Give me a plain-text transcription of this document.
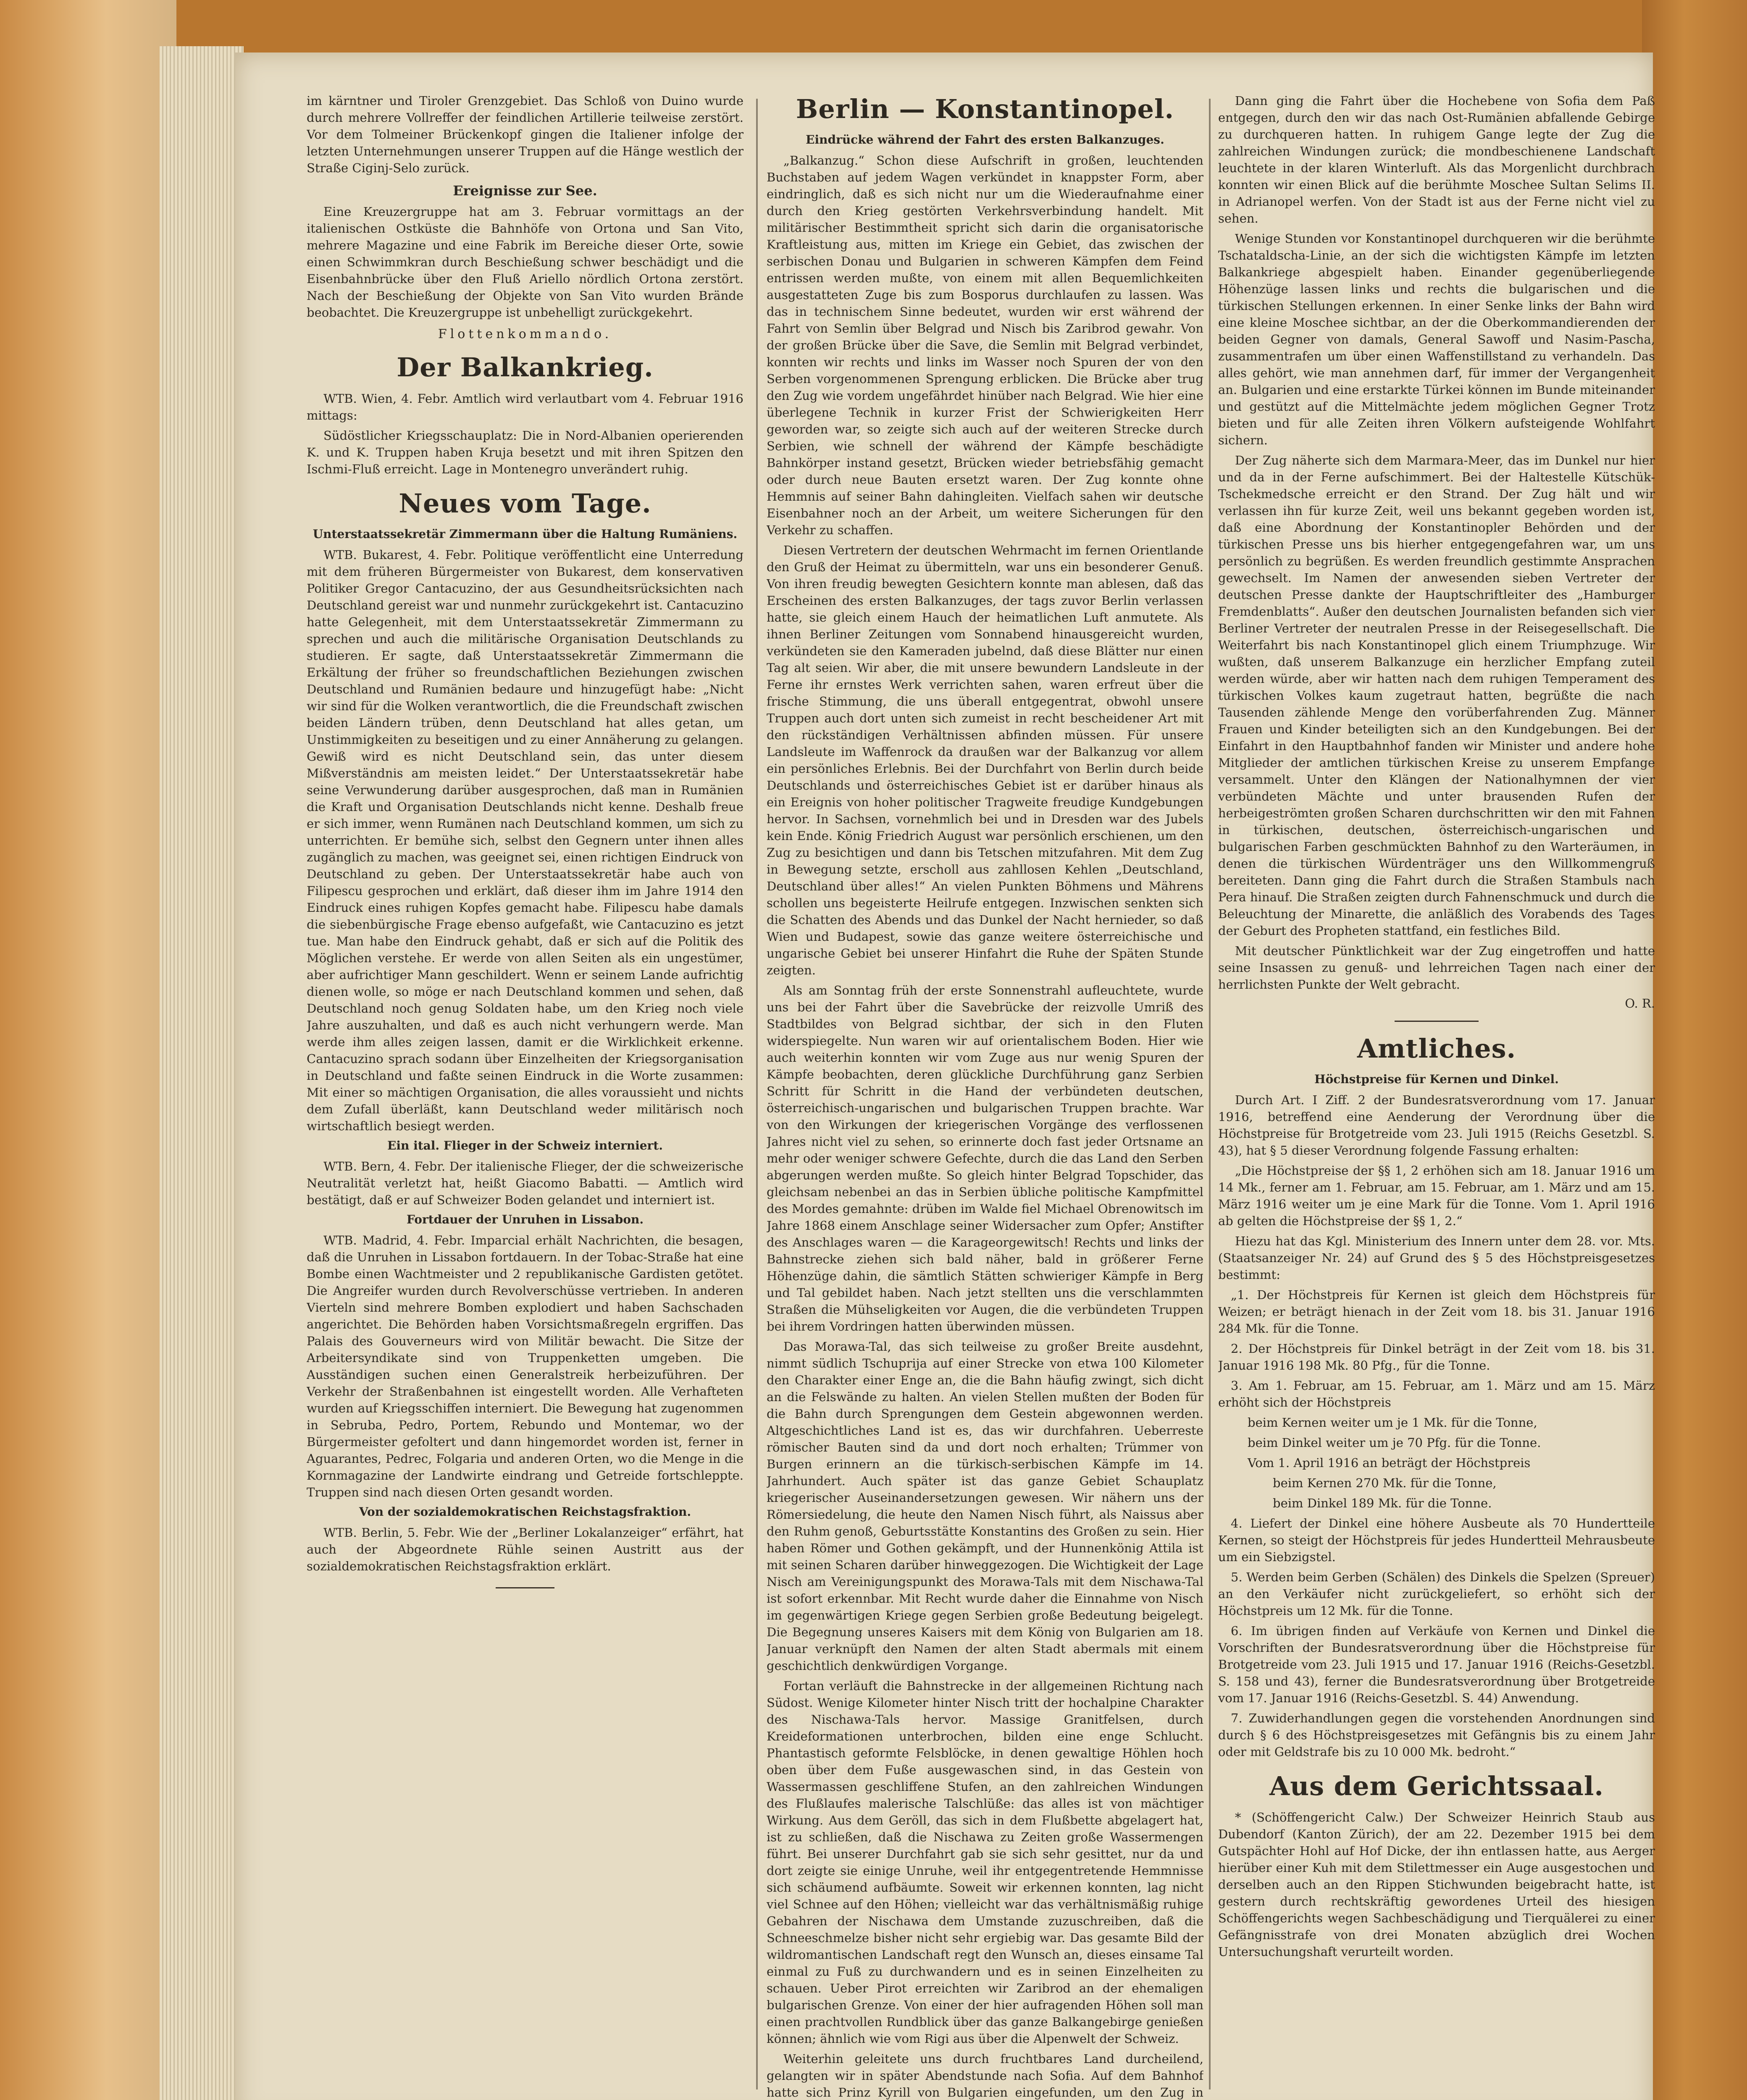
im kärntner und Tiroler Grenzgebiet. Das Schloß von Duino wurde durch mehrere Vollreffer der feindlichen Artillerie teilweise zerstört. Vor dem Tolmeiner Brückenkopf gingen die Italiener infolge der letzten Unternehmungen unserer Truppen auf die Hänge westlich der Straße Ciginj-Selo zurück.

Ereignisse zur See.

Eine Kreuzergruppe hat am 3. Februar vormittags an der italienischen Ostküste die Bahnhöfe von Ortona und San Vito, mehrere Magazine und eine Fabrik im Bereiche dieser Orte, sowie einen Schwimmkran durch Beschießung schwer beschädigt und die Eisenbahnbrücke über den Fluß Ariello nördlich Ortona zerstört. Nach der Beschießung der Objekte von San Vito wurden Brände beobachtet. Die Kreuzergruppe ist unbehelligt zurückgekehrt.

Flottenkommando.
Der Balkankrieg.

WTB. Wien, 4. Febr. Amtlich wird verlautbart vom 4. Februar 1916 mittags:

Südöstlicher Kriegsschauplatz: Die in Nord-Albanien operierenden K. und K. Truppen haben Kruja besetzt und mit ihren Spitzen den Ischmi-Fluß erreicht. Lage in Montenegro unverändert ruhig.

Neues vom Tage.
Unterstaatssekretär Zimmermann über die Haltung Rumäniens.

WTB. Bukarest, 4. Febr. Politique veröffentlicht eine Unterredung mit dem früheren Bürgermeister von Bukarest, dem konservativen Politiker Gregor Cantacuzino, der aus Gesundheitsrücksichten nach Deutschland gereist war und nunmehr zurückgekehrt ist. Cantacuzino hatte Gelegenheit, mit dem Unterstaatssekretär Zimmermann zu sprechen und auch die militärische Organisation Deutschlands zu studieren. Er sagte, daß Unterstaatssekretär Zimmermann die Erkältung der früher so freundschaftlichen Beziehungen zwischen Deutschland und Rumänien bedaure und hinzugefügt habe: „Nicht wir sind für die Wolken verantwortlich, die die Freundschaft zwischen beiden Ländern trüben, denn Deutschland hat alles getan, um Unstimmigkeiten zu beseitigen und zu einer Annäherung zu gelangen. Gewiß wird es nicht Deutschland sein, das unter diesem Mißverständnis am meisten leidet.“ Der Unterstaatssekretär habe seine Verwunderung darüber ausgesprochen, daß man in Rumänien die Kraft und Organisation Deutschlands nicht kenne. Deshalb freue er sich immer, wenn Rumänen nach Deutschland kommen, um sich zu unterrichten. Er bemühe sich, selbst den Gegnern unter ihnen alles zugänglich zu machen, was geeignet sei, einen richtigen Eindruck von Deutschland zu geben. Der Unterstaatssekretär habe auch von Filipescu gesprochen und erklärt, daß dieser ihm im Jahre 1914 den Eindruck eines ruhigen Kopfes gemacht habe. Filipescu habe damals die siebenbürgische Frage ebenso aufgefaßt, wie Cantacuzino es jetzt tue. Man habe den Eindruck gehabt, daß er sich auf die Politik des Möglichen verstehe. Er werde von allen Seiten als ein ungestümer, aber aufrichtiger Mann geschildert. Wenn er seinem Lande aufrichtig dienen wolle, so möge er nach Deutschland kommen und sehen, daß Deutschland noch genug Soldaten habe, um den Krieg noch viele Jahre auszuhalten, und daß es auch nicht verhungern werde. Man werde ihm alles zeigen lassen, damit er die Wirklichkeit erkenne. Cantacuzino sprach sodann über Einzelheiten der Kriegsorganisation in Deutschland und faßte seinen Eindruck in die Worte zusammen: Mit einer so mächtigen Organisation, die alles voraussieht und nichts dem Zufall überläßt, kann Deutschland weder militärisch noch wirtschaftlich besiegt werden.

Ein ital. Flieger in der Schweiz interniert.

WTB. Bern, 4. Febr. Der italienische Flieger, der die schweizerische Neutralität verletzt hat, heißt Giacomo Babatti. — Amtlich wird bestätigt, daß er auf Schweizer Boden gelandet und interniert ist.

Fortdauer der Unruhen in Lissabon.

WTB. Madrid, 4. Febr. Imparcial erhält Nachrichten, die besagen, daß die Unruhen in Lissabon fortdauern. In der Tobac-Straße hat eine Bombe einen Wachtmeister und 2 republikanische Gardisten getötet. Die Angreifer wurden durch Revolverschüsse vertrieben. In anderen Vierteln sind mehrere Bomben explodiert und haben Sachschaden angerichtet. Die Behörden haben Vorsichtsmaßregeln ergriffen. Das Palais des Gouverneurs wird von Militär bewacht. Die Sitze der Arbeitersyndikate sind von Truppenketten umgeben. Die Ausständigen suchen einen Generalstreik herbeizuführen. Der Verkehr der Straßenbahnen ist eingestellt worden. Alle Verhafteten wurden auf Kriegsschiffen interniert. Die Bewegung hat zugenommen in Sebruba, Pedro, Portem, Rebundo und Montemar, wo der Bürgermeister gefoltert und dann hingemordet worden ist, ferner in Aguarantes, Pedrec, Folgaria und anderen Orten, wo die Menge in die Kornmagazine der Landwirte eindrang und Getreide fortschleppte. Truppen sind nach diesen Orten gesandt worden.

Von der sozialdemokratischen Reichstagsfraktion.

WTB. Berlin, 5. Febr. Wie der „Berliner Lokalanzeiger“ erfährt, hat auch der Abgeordnete Rühle seinen Austritt aus der sozialdemokratischen Reichstagsfraktion erklärt.

Berlin — Konstantinopel.
Eindrücke während der Fahrt des ersten Balkanzuges.

„Balkanzug.“ Schon diese Aufschrift in großen, leuchtenden Buchstaben auf jedem Wagen verkündet in knappster Form, aber eindringlich, daß es sich nicht nur um die Wiederaufnahme einer durch den Krieg gestörten Verkehrsverbindung handelt. Mit militärischer Bestimmtheit spricht sich darin die organisatorische Kraftleistung aus, mitten im Kriege ein Gebiet, das zwischen der serbischen Donau und Bulgarien in schweren Kämpfen dem Feind entrissen werden mußte, von einem mit allen Bequemlichkeiten ausgestatteten Zuge bis zum Bosporus durchlaufen zu lassen. Was das in technischem Sinne bedeutet, wurden wir erst während der Fahrt von Semlin über Belgrad und Nisch bis Zaribrod gewahr. Von der großen Brücke über die Save, die Semlin mit Belgrad verbindet, konnten wir rechts und links im Wasser noch Spuren der von den Serben vorgenommenen Sprengung erblicken. Die Brücke aber trug den Zug wie vordem ungefährdet hinüber nach Belgrad. Wie hier eine überlegene Technik in kurzer Frist der Schwierigkeiten Herr geworden war, so zeigte sich auch auf der weiteren Strecke durch Serbien, wie schnell der während der Kämpfe beschädigte Bahnkörper instand gesetzt, Brücken wieder betriebsfähig gemacht oder durch neue Bauten ersetzt waren. Der Zug konnte ohne Hemmnis auf seiner Bahn dahingleiten. Vielfach sahen wir deutsche Eisenbahner noch an der Arbeit, um weitere Sicherungen für den Verkehr zu schaffen.

Diesen Vertretern der deutschen Wehrmacht im fernen Orientlande den Gruß der Heimat zu übermitteln, war uns ein besonderer Genuß. Von ihren freudig bewegten Gesichtern konnte man ablesen, daß das Erscheinen des ersten Balkanzuges, der tags zuvor Berlin verlassen hatte, sie gleich einem Hauch der heimatlichen Luft anmutete. Als ihnen Berliner Zeitungen vom Sonnabend hinausgereicht wurden, verkündeten sie den Kameraden jubelnd, daß diese Blätter nur einen Tag alt seien. Wir aber, die mit unsere bewundern Landsleute in der Ferne ihr ernstes Werk verrichten sahen, waren erfreut über die frische Stimmung, die uns überall entgegentrat, obwohl unsere Truppen auch dort unten sich zumeist in recht bescheidener Art mit den rückständigen Verhältnissen abfinden müssen. Für unsere Landsleute im Waffenrock da draußen war der Balkanzug vor allem ein persönliches Erlebnis. Bei der Durchfahrt von Berlin durch beide Deutschlands und österreichisches Gebiet ist er darüber hinaus als ein Ereignis von hoher politischer Tragweite freudige Kundgebungen hervor. In Sachsen, vornehmlich bei und in Dresden war des Jubels kein Ende. König Friedrich August war persönlich erschienen, um den Zug zu besichtigen und dann bis Tetschen mitzufahren. Mit dem Zug in Bewegung setzte, erscholl aus zahllosen Kehlen „Deutschland, Deutschland über alles!“ An vielen Punkten Böhmens und Mährens schollen uns begeisterte Heilrufe entgegen. Inzwischen senkten sich die Schatten des Abends und das Dunkel der Nacht hernieder, so daß Wien und Budapest, sowie das ganze weitere österreichische und ungarische Gebiet bei unserer Hinfahrt die Ruhe der Späten Stunde zeigten.

Als am Sonntag früh der erste Sonnenstrahl aufleuchtete, wurde uns bei der Fahrt über die Savebrücke der reizvolle Umriß des Stadtbildes von Belgrad sichtbar, der sich in den Fluten widerspiegelte. Nun waren wir auf orientalischem Boden. Hier wie auch weiterhin konnten wir vom Zuge aus nur wenig Spuren der Kämpfe beobachten, deren glückliche Durchführung ganz Serbien Schritt für Schritt in die Hand der verbündeten deutschen, österreichisch-ungarischen und bulgarischen Truppen brachte. War von den Wirkungen der kriegerischen Vorgänge des verflossenen Jahres nicht viel zu sehen, so erinnerte doch fast jeder Ortsname an mehr oder weniger schwere Gefechte, durch die das Land den Serben abgerungen werden mußte. So gleich hinter Belgrad Topschider, das gleichsam nebenbei an das in Serbien übliche politische Kampfmittel des Mordes gemahnte: drüben im Walde fiel Michael Obrenowitsch im Jahre 1868 einem Anschlage seiner Widersacher zum Opfer; Anstifter des Anschlages waren — die Karageorgewitsch! Rechts und links der Bahnstrecke ziehen sich bald näher, bald in größerer Ferne Höhenzüge dahin, die sämtlich Stätten schwieriger Kämpfe in Berg und Tal gebildet haben. Nach jetzt stellten uns die verschlammten Straßen die Mühseligkeiten vor Augen, die die verbündeten Truppen bei ihrem Vordringen hatten überwinden müssen.

Das Morawa-Tal, das sich teilweise zu großer Breite ausdehnt, nimmt südlich Tschuprija auf einer Strecke von etwa 100 Kilometer den Charakter einer Enge an, die die Bahn häufig zwingt, sich dicht an die Felswände zu halten. An vielen Stellen mußten der Boden für die Bahn durch Sprengungen dem Gestein abgewonnen werden. Altgeschichtliches Land ist es, das wir durchfahren. Ueberreste römischer Bauten sind da und dort noch erhalten; Trümmer von Burgen erinnern an die türkisch-serbischen Kämpfe im 14. Jahrhundert. Auch später ist das ganze Gebiet Schauplatz kriegerischer Auseinandersetzungen gewesen. Wir nähern uns der Römersiedelung, die heute den Namen Nisch führt, als Naissus aber den Ruhm genoß, Geburtsstätte Konstantins des Großen zu sein. Hier haben Römer und Gothen gekämpft, und der Hunnenkönig Attila ist mit seinen Scharen darüber hinweggezogen. Die Wichtigkeit der Lage Nisch am Vereinigungspunkt des Morawa-Tals mit dem Nischawa-Tal ist sofort erkennbar. Mit Recht wurde daher die Einnahme von Nisch im gegenwärtigen Kriege gegen Serbien große Bedeutung beigelegt. Die Begegnung unseres Kaisers mit dem König von Bulgarien am 18. Januar verknüpft den Namen der alten Stadt abermals mit einem geschichtlich denkwürdigen Vorgange.

Fortan verläuft die Bahnstrecke in der allgemeinen Richtung nach Südost. Wenige Kilometer hinter Nisch tritt der hochalpine Charakter des Nischawa-Tals hervor. Massige Granitfelsen, durch Kreideformationen unterbrochen, bilden eine enge Schlucht. Phantastisch geformte Felsblöcke, in denen gewaltige Höhlen hoch oben über dem Fuße ausgewaschen sind, in das Gestein von Wassermassen geschliffene Stufen, an den zahlreichen Windungen des Flußlaufes malerische Talschlüße: das alles ist von mächtiger Wirkung. Aus dem Geröll, das sich in dem Flußbette abgelagert hat, ist zu schließen, daß die Nischawa zu Zeiten große Wassermengen führt. Bei unserer Durchfahrt gab sie sich sehr gesittet, nur da und dort zeigte sie einige Unruhe, weil ihr entgegentretende Hemmnisse sich schäumend aufbäumte. Soweit wir erkennen konnten, lag nicht viel Schnee auf den Höhen; vielleicht war das verhältnismäßig ruhige Gebahren der Nischawa dem Umstande zuzuschreiben, daß die Schneeschmelze bisher nicht sehr ergiebig war. Das gesamte Bild der wildromantischen Landschaft regt den Wunsch an, dieses einsame Tal einmal zu Fuß zu durchwandern und es in seinen Einzelheiten zu schauen. Ueber Pirot erreichten wir Zaribrod an der ehemaligen bulgarischen Grenze. Von einer der hier aufragenden Höhen soll man einen prachtvollen Rundblick über das ganze Balkangebirge genießen können; ähnlich wie vom Rigi aus über die Alpenwelt der Schweiz.

Weiterhin geleitete uns durch fruchtbares Land durcheilend, gelangten wir in später Abendstunde nach Sofia. Auf dem Bahnhof hatte sich Prinz Kyrill von Bulgarien eingefunden, um den Zug in

Dann ging die Fahrt über die Hochebene von Sofia dem Paß entgegen, durch den wir das nach Ost-Rumänien abfallende Gebirge zu durchqueren hatten. In ruhigem Gange legte der Zug die zahlreichen Windungen zurück; die mondbeschienene Landschaft leuchtete in der klaren Winterluft. Als das Morgenlicht durchbrach konnten wir einen Blick auf die berühmte Moschee Sultan Selims II. in Adrianopel werfen. Von der Stadt ist aus der Ferne nicht viel zu sehen.

Wenige Stunden vor Konstantinopel durchqueren wir die berühmte Tschataldscha-Linie, an der sich die wichtigsten Kämpfe im letzten Balkankriege abgespielt haben. Einander gegenüberliegende Höhenzüge lassen links und rechts die bulgarischen und die türkischen Stellungen erkennen. In einer Senke links der Bahn wird eine kleine Moschee sichtbar, an der die Oberkommandierenden der beiden Gegner von damals, General Sawoff und Nasim-Pascha, zusammentrafen um über einen Waffenstillstand zu verhandeln. Das alles gehört, wie man annehmen darf, für immer der Vergangenheit an. Bulgarien und eine erstarkte Türkei können im Bunde miteinander und gestützt auf die Mittelmächte jedem möglichen Gegner Trotz bieten und für alle Zeiten ihren Völkern aufsteigende Wohlfahrt sichern.

Der Zug näherte sich dem Marmara-Meer, das im Dunkel nur hier und da in der Ferne aufschimmert. Bei der Haltestelle Kütschük-Tschekmedsche erreicht er den Strand. Der Zug hält und wir verlassen ihn für kurze Zeit, weil uns bekannt gegeben worden ist, daß eine Abordnung der Konstantinopler Behörden und der türkischen Presse uns bis hierher entgegengefahren war, um uns persönlich zu begrüßen. Es werden freundlich gestimmte Ansprachen gewechselt. Im Namen der anwesenden sieben Vertreter der deutschen Presse dankte der Hauptschriftleiter des „Hamburger Fremdenblatts“. Außer den deutschen Journalisten befanden sich vier Berliner Vertreter der neutralen Presse in der Reisegesellschaft. Die Weiterfahrt bis nach Konstantinopel glich einem Triumphzuge. Wir wußten, daß unserem Balkanzuge ein herzlicher Empfang zuteil werden würde, aber wir hatten nach dem ruhigen Temperament des türkischen Volkes kaum zugetraut hatten, begrüßte die nach Tausenden zählende Menge den vorüberfahrenden Zug. Männer Frauen und Kinder beteiligten sich an den Kundgebungen. Bei der Einfahrt in den Hauptbahnhof fanden wir Minister und andere hohe Mitglieder der amtlichen türkischen Kreise zu unserem Empfange versammelt. Unter den Klängen der Nationalhymnen der vier verbündeten Mächte und unter brausenden Rufen der herbeigeströmten großen Scharen durchschritten wir den mit Fahnen in türkischen, deutschen, österreichisch-ungarischen und bulgarischen Farben geschmückten Bahnhof zu den Warteräumen, in denen die türkischen Würdenträger uns den Willkommengruß bereiteten. Dann ging die Fahrt durch die Straßen Stambuls nach Pera hinauf. Die Straßen zeigten durch Fahnenschmuck und durch die Beleuchtung der Minarette, die anläßlich des Vorabends des Tages der Geburt des Propheten stattfand, ein festliches Bild.

Mit deutscher Pünktlichkeit war der Zug eingetroffen und hatte seine Insassen zu genuß- und lehrreichen Tagen nach einer der herrlichsten Punkte der Welt gebracht.

O. R.
Amtliches.
Höchstpreise für Kernen und Dinkel.

Durch Art. I Ziff. 2 der Bundesratsverordnung vom 17. Januar 1916, betreffend eine Aenderung der Verordnung über die Höchstpreise für Brotgetreide vom 23. Juli 1915 (Reichs Gesetzbl. S. 43), hat § 5 dieser Verordnung folgende Fassung erhalten:

„Die Höchstpreise der §§ 1, 2 erhöhen sich am 18. Januar 1916 um 14 Mk., ferner am 1. Februar, am 15. Februar, am 1. März und am 15. März 1916 weiter um je eine Mark für die Tonne. Vom 1. April 1916 ab gelten die Höchstpreise der §§ 1, 2.“

Hiezu hat das Kgl. Ministerium des Innern unter dem 28. vor. Mts. (Staatsanzeiger Nr. 24) auf Grund des § 5 des Höchstpreisgesetzes bestimmt:

„1. Der Höchstpreis für Kernen ist gleich dem Höchstpreis für Weizen; er beträgt hienach in der Zeit vom 18. bis 31. Januar 1916 284 Mk. für die Tonne.

2. Der Höchstpreis für Dinkel beträgt in der Zeit vom 18. bis 31. Januar 1916 198 Mk. 80 Pfg., für die Tonne.

3. Am 1. Februar, am 15. Februar, am 1. März und am 15. März erhöht sich der Höchstpreis

beim Kernen weiter um je 1 Mk. für die Tonne,

beim Dinkel weiter um je 70 Pfg. für die Tonne.

Vom 1. April 1916 an beträgt der Höchstpreis

beim Kernen 270 Mk. für die Tonne,

beim Dinkel 189 Mk. für die Tonne.

4. Liefert der Dinkel eine höhere Ausbeute als 70 Hundertteile Kernen, so steigt der Höchstpreis für jedes Hundertteil Mehrausbeute um ein Siebzigstel.

5. Werden beim Gerben (Schälen) des Dinkels die Spelzen (Spreuer) an den Verkäufer nicht zurückgeliefert, so erhöht sich der Höchstpreis um 12 Mk. für die Tonne.

6. Im übrigen finden auf Verkäufe von Kernen und Dinkel die Vorschriften der Bundesratsverordnung über die Höchstpreise für Brotgetreide vom 23. Juli 1915 und 17. Januar 1916 (Reichs-Gesetzbl. S. 158 und 43), ferner die Bundesratsverordnung über Brotgetreide vom 17. Januar 1916 (Reichs-Gesetzbl. S. 44) Anwendung.

7. Zuwiderhandlungen gegen die vorstehenden Anordnungen sind durch § 6 des Höchstpreisgesetzes mit Gefängnis bis zu einem Jahr oder mit Geldstrafe bis zu 10 000 Mk. bedroht.“

Aus dem Gerichtssaal.

* (Schöffengericht Calw.) Der Schweizer Heinrich Staub aus Dubendorf (Kanton Zürich), der am 22. Dezember 1915 bei dem Gutspächter Hohl auf Hof Dicke, der ihn entlassen hatte, aus Aerger hierüber einer Kuh mit dem Stilettmesser ein Auge ausgestochen und derselben auch an den Rippen Stichwunden beigebracht hatte, ist gestern durch rechtskräftig gewordenes Urteil des hiesigen Schöffengerichts wegen Sachbeschädigung und Tierquälerei zu einer Gefängnisstrafe von drei Monaten abzüglich drei Wochen Untersuchungshaft verurteilt worden.
